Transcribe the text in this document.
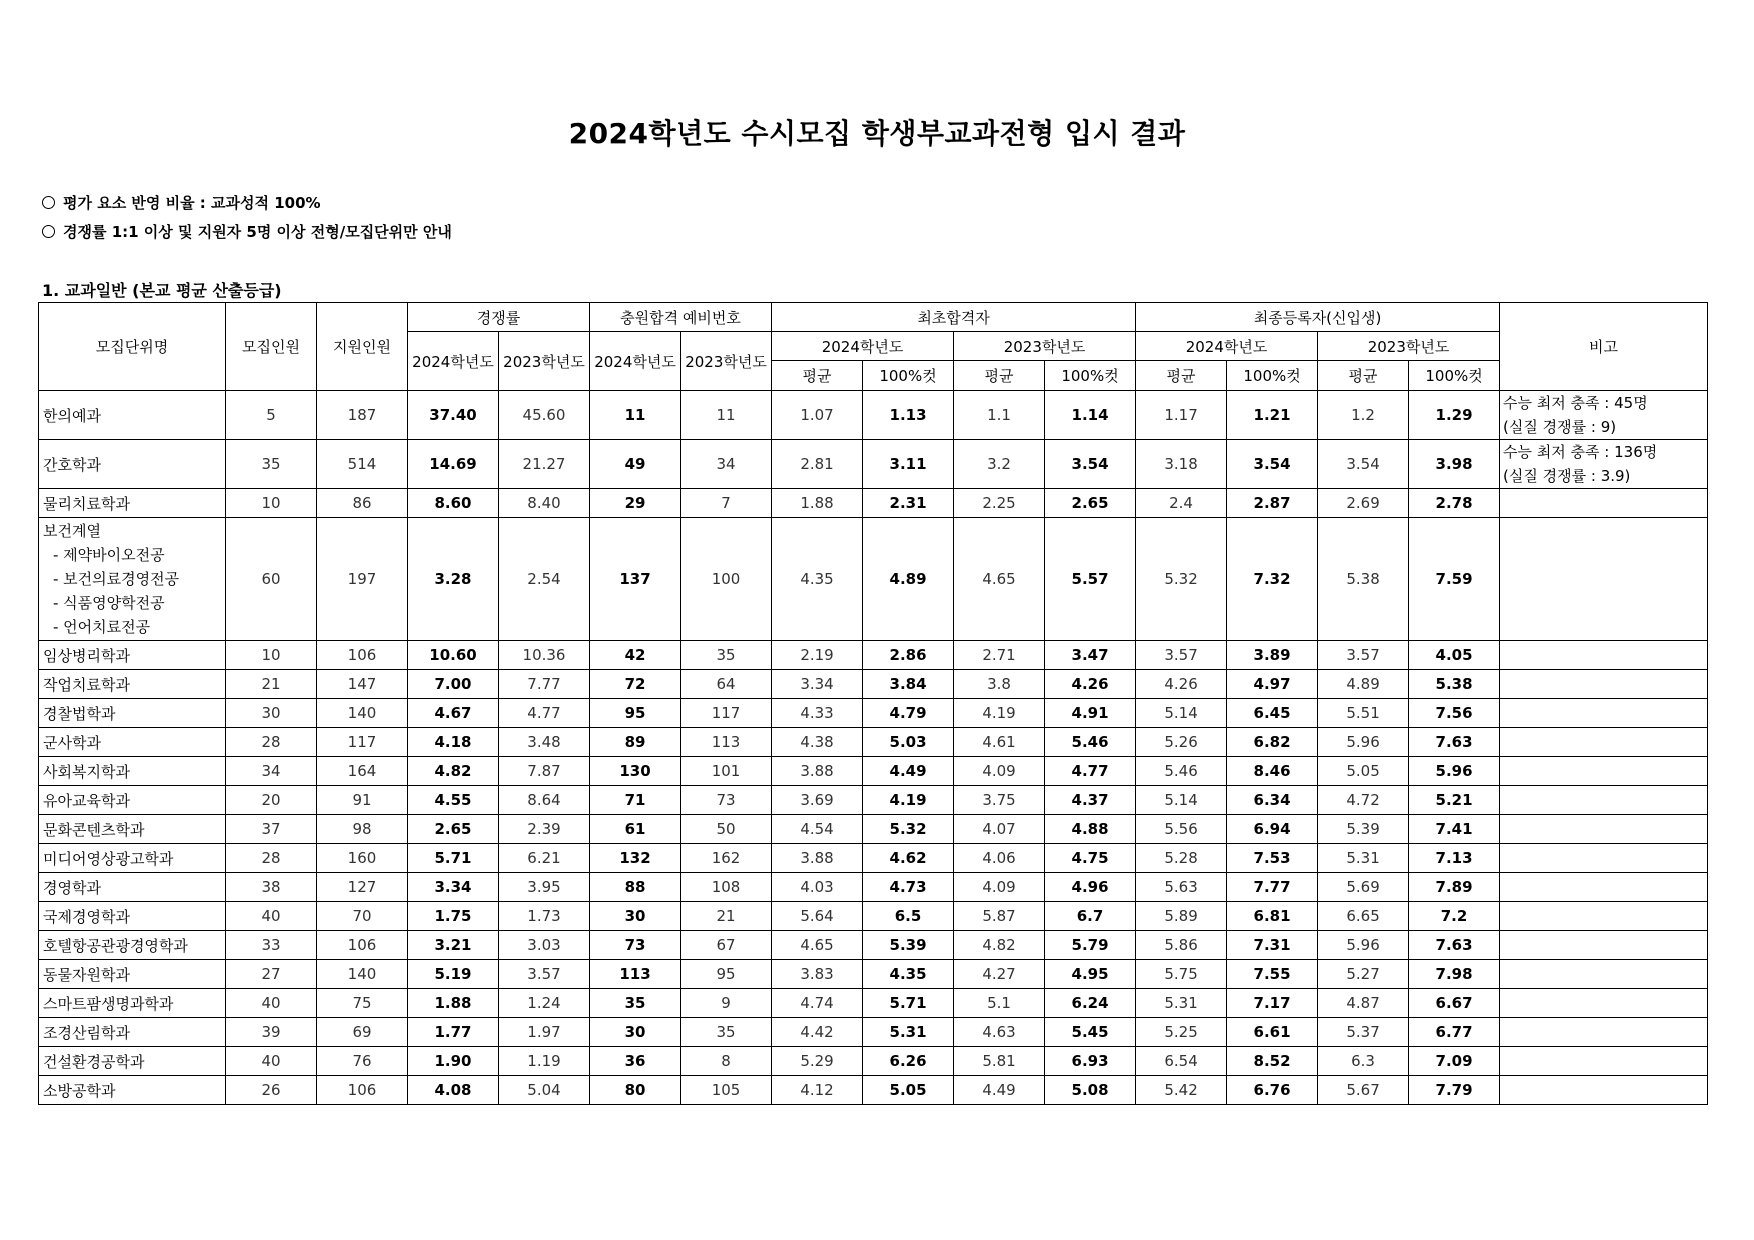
2024학년도 수시모집 학생부교과전형 입시 결과
평가 요소 반영 비율 : 교과성적 100%
경쟁률 1:1 이상 및 지원자 5명 이상 전형/모집단위만 안내
1. 교과일반 (본교 평균 산출등급)
모집단위명	모집인원	지원인원	경쟁률		충원합격 예비번호		최초합격자				최종등록자(신입생)				비고
			2024학년도	2023학년도	2024학년도	2023학년도	2024학년도		2023학년도		2024학년도		2023학년도		
							평균	100%컷	평균	100%컷	평균	100%컷	평균	100%컷	
한의예과	5	187	37.40	45.60	11	11	1.07	1.13	1.1	1.14	1.17	1.21	1.2	1.29	수능 최저 충족 : 45명
(실질 경쟁률 : 9)

간호학과	35	514	14.69	21.27	49	34	2.81	3.11	3.2	3.54	3.18	3.54	3.54	3.98	수능 최저 충족 : 136명
(실질 경쟁률 : 3.9)

물리치료학과	10	86	8.60	8.40	29	7	1.88	2.31	2.25	2.65	2.4	2.87	2.69	2.78	

보건계열
- 제약바이오전공
- 보건의료경영전공
- 식품영양학전공
- 언어치료전공	60	197	3.28	2.54	137	100	4.35	4.89	4.65	5.57	5.32	7.32	5.38	7.59	
임상병리학과	10	106	10.60	10.36	42	35	2.19	2.86	2.71	3.47	3.57	3.89	3.57	4.05	
작업치료학과	21	147	7.00	7.77	72	64	3.34	3.84	3.8	4.26	4.26	4.97	4.89	5.38	
경찰법학과	30	140	4.67	4.77	95	117	4.33	4.79	4.19	4.91	5.14	6.45	5.51	7.56	
군사학과	28	117	4.18	3.48	89	113	4.38	5.03	4.61	5.46	5.26	6.82	5.96	7.63	
사회복지학과	34	164	4.82	7.87	130	101	3.88	4.49	4.09	4.77	5.46	8.46	5.05	5.96	
유아교육학과	20	91	4.55	8.64	71	73	3.69	4.19	3.75	4.37	5.14	6.34	4.72	5.21	
문화콘텐츠학과	37	98	2.65	2.39	61	50	4.54	5.32	4.07	4.88	5.56	6.94	5.39	7.41	
미디어영상광고학과	28	160	5.71	6.21	132	162	3.88	4.62	4.06	4.75	5.28	7.53	5.31	7.13	
경영학과	38	127	3.34	3.95	88	108	4.03	4.73	4.09	4.96	5.63	7.77	5.69	7.89	
국제경영학과	40	70	1.75	1.73	30	21	5.64	6.5	5.87	6.7	5.89	6.81	6.65	7.2	
호텔항공관광경영학과	33	106	3.21	3.03	73	67	4.65	5.39	4.82	5.79	5.86	7.31	5.96	7.63	
동물자원학과	27	140	5.19	3.57	113	95	3.83	4.35	4.27	4.95	5.75	7.55	5.27	7.98	
스마트팜생명과학과	40	75	1.88	1.24	35	9	4.74	5.71	5.1	6.24	5.31	7.17	4.87	6.67	
조경산림학과	39	69	1.77	1.97	30	35	4.42	5.31	4.63	5.45	5.25	6.61	5.37	6.77	
건설환경공학과	40	76	1.90	1.19	36	8	5.29	6.26	5.81	6.93	6.54	8.52	6.3	7.09	
소방공학과	26	106	4.08	5.04	80	105	4.12	5.05	4.49	5.08	5.42	6.76	5.67	7.79	
